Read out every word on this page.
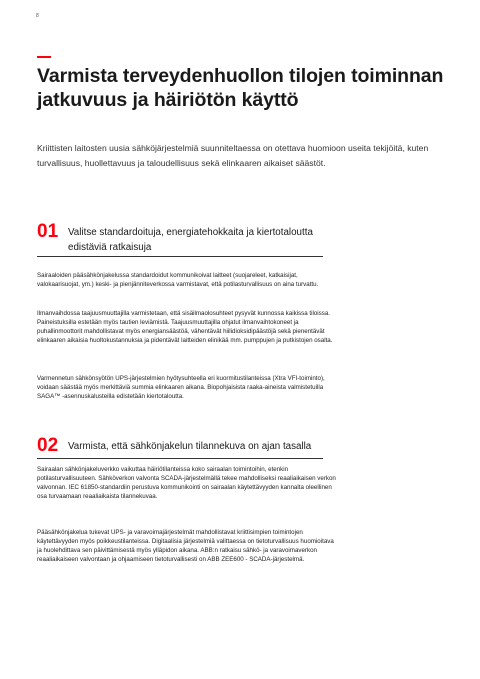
8
Varmista terveydenhuollon tilojen toiminnan jatkuvuus ja häiriötön käyttö

Kriittisten laitosten uusia sähköjärjestelmiä suunniteltaessa on otettava huomioon useita tekijöitä, kuten turvallisuus, huollettavuus ja taloudellisuus sekä elinkaaren aikaiset säästöt.

01 Valitse standardoituja, energiatehokkaita ja kiertotaloutta edistäviä ratkaisuja

Sairaaloiden pääsähkönjakelussa standardoidut kommunikoivat laitteet (suojareleet, katkaisijat, valokaarisuojat, ym.) keski- ja pienjänniteverkossa varmistavat, että potilasturvallisuus on aina turvattu.

Ilmanvaihdossa taajuusmuuttajilla varmistetaan, että sisäilmaolosuhteet pysyvät kunnossa kaikissa tiloissa. Paineistuksilla estetään myös tautien leviämistä. Taajuusmuuttajilla ohjatut ilmanvaihtokoneet ja puhallinmoottorit mahdollistavat myös energiansäästöä, vähentävät hiilidioksidipäästöjä sekä pienentävät elinkaaren aikaisia huoltokustannuksia ja pidentävät laitteiden elinikää mm. pumppujen ja putkistojen osalta.

Varmennetun sähkönsyötön UPS-järjestelmien hyötysuhteella eri kuormitustilanteissa (Xtra VFI-toiminto), voidaan säästää myös merkittäviä summia elinkaaren aikana. Biopohjaisista raaka-aineista valmistetuilla SAGA™ -asennuskalusteilla edistetään kiertotaloutta.

02 Varmista, että sähkönjakelun tilannekuva on ajan tasalla

Sairaalan sähkönjakeluverkko vaikuttaa häiriötilanteissa koko sairaalan toimintoihin, etenkin potilasturvallisuuteen. Sähköverkon valvonta SCADA-järjestelmällä tekee mahdolliseksi reaaliaikaisen verkon valvonnan. IEC 61850-standardiin perustuva kommunikointi on sairaalan käytettävyyden kannalta oleellinen osa turvaamaan reaaliaikaista tilannekuvaa.

Pääsähkönjakelua tukevat UPS- ja varavoimajärjestelmät mahdollistavat kriittisimpien toimintojen käytettävyyden myös poikkeustilanteissa. Digitaalisia järjestelmiä valittaessa on tietoturvallisuus huomioitava ja huolehdittava sen päivittämisestä myös ylläpidon aikana. ABB:n ratkaisu sähkö- ja varavoimaverkon reaaliaikaiseen valvontaan ja ohjaamiseen tietoturvallisesti on ABB ZEE600 - SCADA-järjestelmä.
